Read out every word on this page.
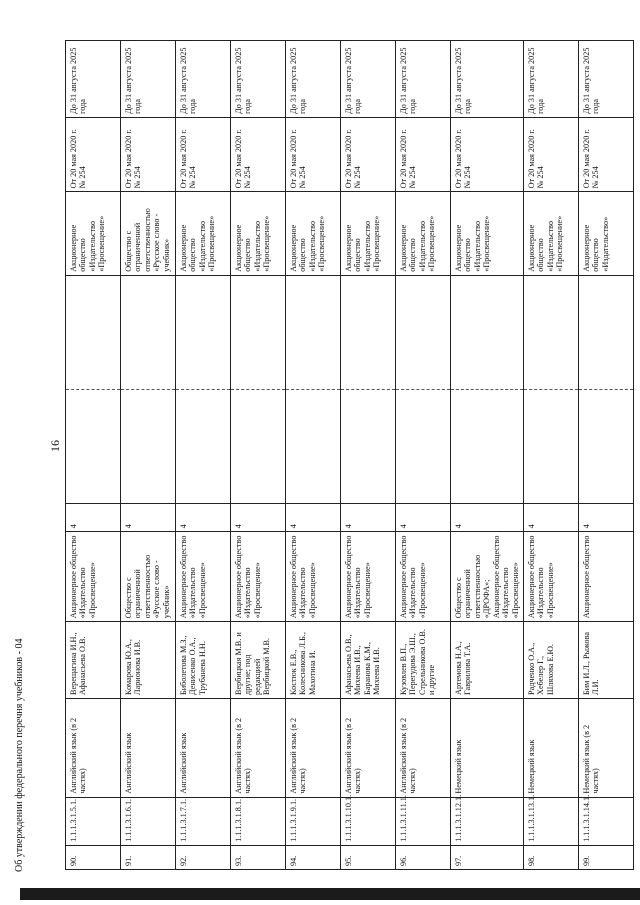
16
90.	1.1.1.3.1.5.1.	Английский язык (в 2 частях)	Верещагина И.Н., Афанасьева О.В.	Акционерное общество «Издательство «Просвещение»	4			Акционерное общество «Издательство «Просвещение»	От 20 мая 2020 г. № 254	До 31 августа 2025 года
91.	1.1.1.3.1.6.1.	Английский язык	Комарова Ю.А., Ларионова И.В.	Общество с ограниченной ответственностью «Русское слово - учебник»	4			Общество с ограниченной ответственностью «Русское слово - учебник»	От 20 мая 2020 г. № 254	До 31 августа 2025 года
92.	1.1.1.3.1.7.1.	Английский язык	Биболетова М.З., Денисенко О.А., Трубанева Н.Н.	Акционерное общество «Издательство «Просвещение»	4			Акционерное общество «Издательство «Просвещение»	От 20 мая 2020 г. № 254	До 31 августа 2025 года
93.	1.1.1.3.1.8.1.	Английский язык (в 2 частях)	Вербицкая М.В. и другие; под редакцией Вербицкой М.В.	Акционерное общество «Издательство «Просвещение»	4			Акционерное общество «Издательство «Просвещение»	От 20 мая 2020 г. № 254	До 31 августа 2025 года
94.	1.1.1.3.1.9.1.	Английский язык (в 2 частях)	Костюк Е.В., Колесникова Л.Б., Махотина И.	Акционерное общество «Издательство «Просвещение»	4			Акционерное общество «Издательство «Просвещение»	От 20 мая 2020 г. № 254	До 31 августа 2025 года
95.	1.1.1.3.1.10.1.	Английский язык (в 2 частях)	Афанасьева О.В., Михеева И.В., Баранова К.М., Михеева И.В.	Акционерное общество «Издательство «Просвещение»	4			Акционерное общество «Издательство «Просвещение»	От 20 мая 2020 г. № 254	До 31 августа 2025 года
96.	1.1.1.3.1.11.1.	Английский язык (в 2 частях)	Кузовлев В.П., Перегудова Э.Ш., Стрельникова О.В. и другие	Акционерное общество «Издательство «Просвещение»	4			Акционерное общество «Издательство «Просвещение»	От 20 мая 2020 г. № 254	До 31 августа 2025 года
97.	1.1.1.3.1.12.1.	Немецкий язык	Артемова Н.А., Гаврилова Т.А.	Общество с ограниченной ответственностью «ДРОФА»; Акционерное общество «Издательство «Просвещение»	4			Акционерное общество «Издательство «Просвещение»	От 20 мая 2020 г. № 254	До 31 августа 2025 года
98.	1.1.1.3.1.13.1.	Немецкий язык	Радченко О.А., Хебелер Г., Шляхова Е.Ю.	Акционерное общество «Издательство «Просвещение»	4			Акционерное общество «Издательство «Просвещение»	От 20 мая 2020 г. № 254	До 31 августа 2025 года
99.	1.1.1.3.1.14.1.	Немецкий язык (в 2 частях)	Бим И.Л., Рыжова Л.И.	Акционерное общество	4			Акционерное общество «Издательство»	От 20 мая 2020 г. № 254	До 31 августа 2025 года
Об утверждении федерального перечня учебников - 04
